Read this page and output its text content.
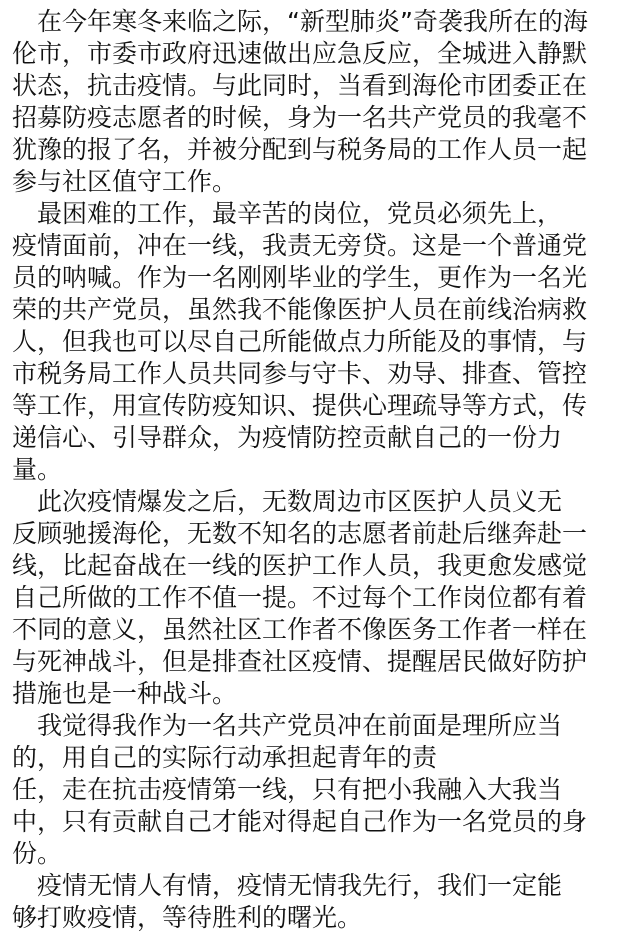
　在今年寒冬来临之际，“新型肺炎”奇袭我所在的海
伦市，市委市政府迅速做出应急反应，全城进入静默
状态，抗击疫情。与此同时，当看到海伦市团委正在
招募防疫志愿者的时候，身为一名共产党员的我毫不
犹豫的报了名，并被分配到与税务局的工作人员一起
参与社区值守工作。
　最困难的工作，最辛苦的岗位，党员必须先上，
疫情面前，冲在一线，我责无旁贷。这是一个普通党
员的呐喊。作为一名刚刚毕业的学生，更作为一名光
荣的共产党员，虽然我不能像医护人员在前线治病救
人，但我也可以尽自己所能做点力所能及的事情，与
市税务局工作人员共同参与守卡、劝导、排查、管控
等工作，用宣传防疫知识、提供心理疏导等方式，传
递信心、引导群众，为疫情防控贡献自己的一份力
量。
　此次疫情爆发之后，无数周边市区医护人员义无
反顾驰援海伦，无数不知名的志愿者前赴后继奔赴一
线，比起奋战在一线的医护工作人员，我更愈发感觉
自己所做的工作不值一提。不过每个工作岗位都有着
不同的意义，虽然社区工作者不像医务工作者一样在
与死神战斗，但是排查社区疫情、提醒居民做好防护
措施也是一种战斗。
　我觉得我作为一名共产党员冲在前面是理所应当
的，用自己的实际行动承担起青年的责
任，走在抗击疫情第一线，只有把小我融入大我当
中，只有贡献自己才能对得起自己作为一名党员的身
份。
　疫情无情人有情，疫情无情我先行，我们一定能
够打败疫情，等待胜利的曙光。
